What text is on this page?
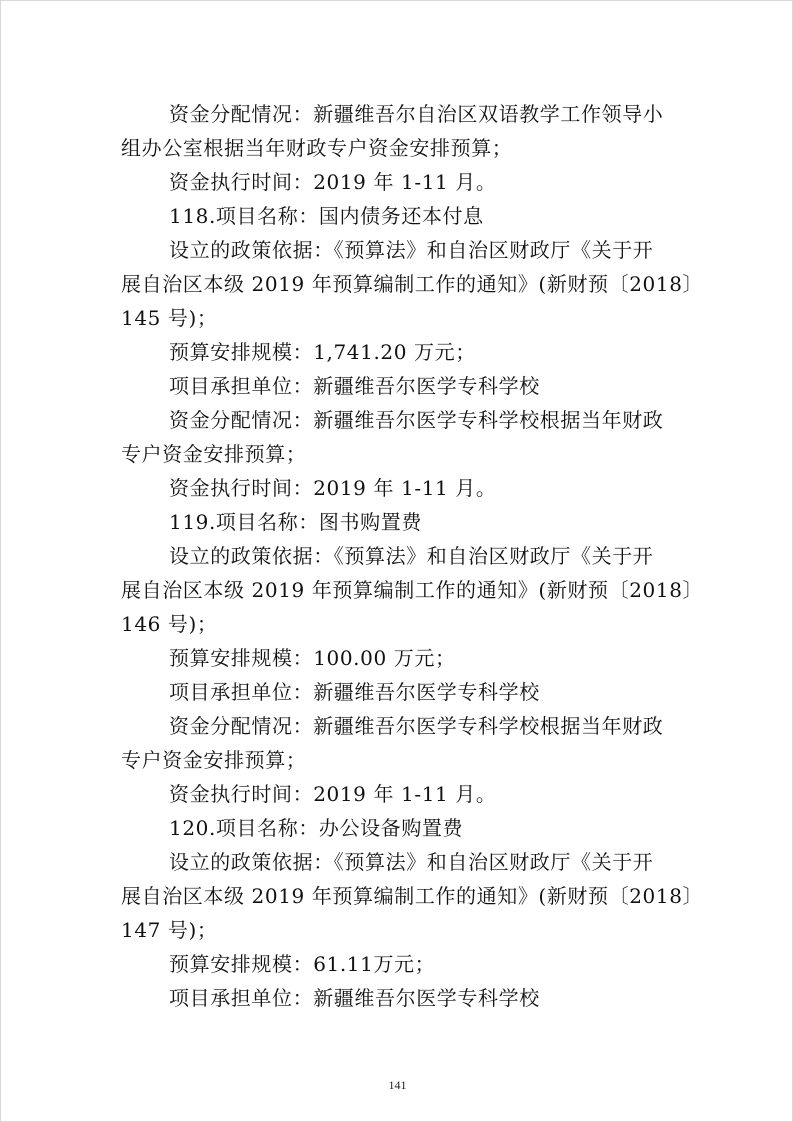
资金分配情况：新疆维吾尔自治区双语教学工作领导小
组办公室根据当年财政专户资金安排预算；
资金执行时间：2019 年 1-11 月。
118.项目名称：国内债务还本付息
设立的政策依据：《预算法》和自治区财政厅《关于开
展自治区本级 2019 年预算编制工作的通知》(新财预〔2018〕
145 号)；
预算安排规模：1,741.20 万元；
项目承担单位：新疆维吾尔医学专科学校
资金分配情况：新疆维吾尔医学专科学校根据当年财政
专户资金安排预算；
资金执行时间：2019 年 1-11 月。
119.项目名称：图书购置费
设立的政策依据：《预算法》和自治区财政厅《关于开
展自治区本级 2019 年预算编制工作的通知》(新财预〔2018〕
146 号)；
预算安排规模：100.00 万元；
项目承担单位：新疆维吾尔医学专科学校
资金分配情况：新疆维吾尔医学专科学校根据当年财政
专户资金安排预算；
资金执行时间：2019 年 1-11 月。
120.项目名称：办公设备购置费
设立的政策依据：《预算法》和自治区财政厅《关于开
展自治区本级 2019 年预算编制工作的通知》(新财预〔2018〕
147 号)；
预算安排规模：61.11万元；
项目承担单位：新疆维吾尔医学专科学校
141
